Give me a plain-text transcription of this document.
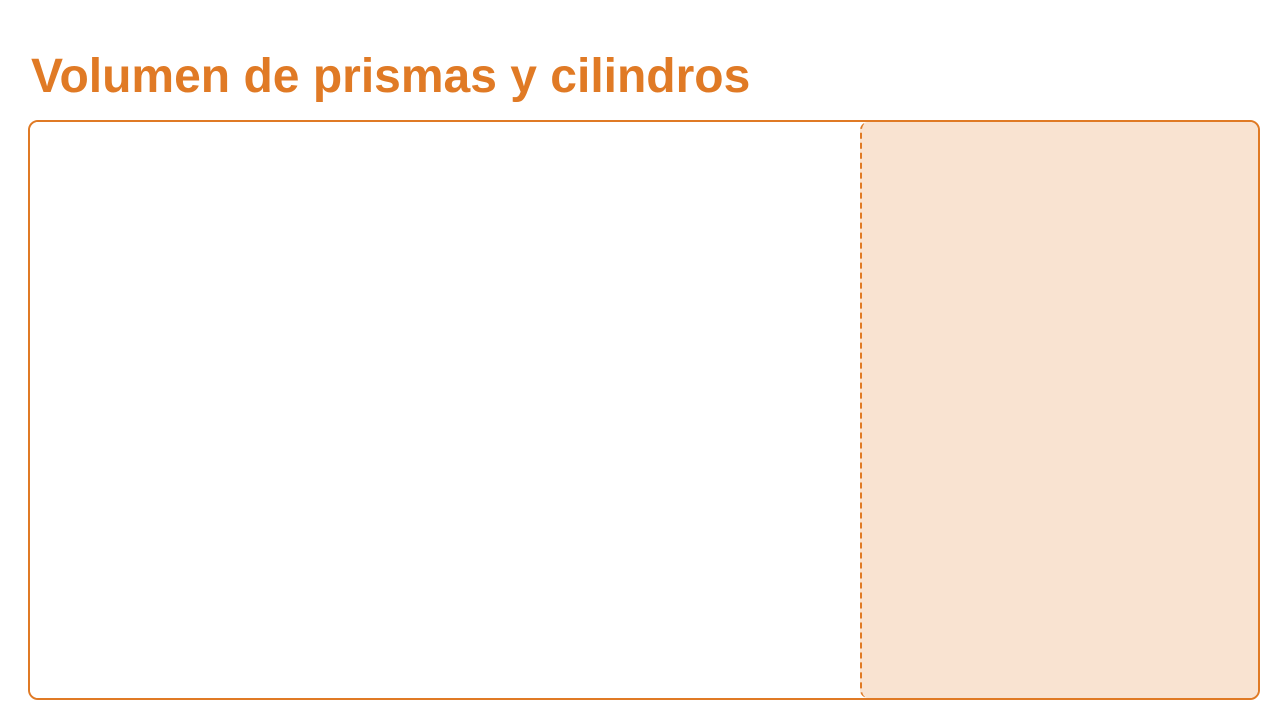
Volumen de prismas y cilindros
